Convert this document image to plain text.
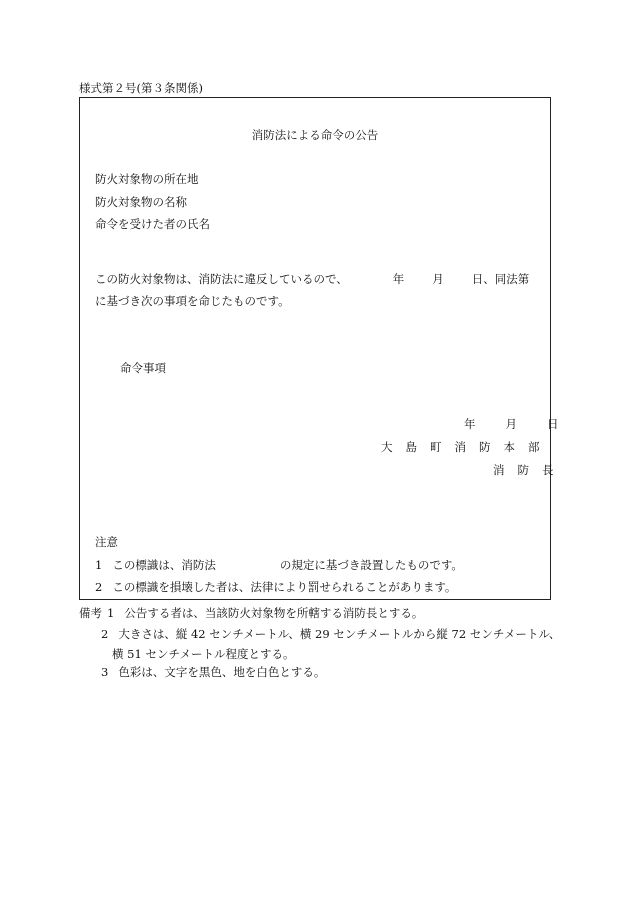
様式第２号(第３条関係)
消防法による命令の公告
防火対象物の所在地
防火対象物の名称
命令を受けた者の氏名
この防火対象物は、消防法に違反しているので、	年 月 日、同法第
に基づき次の事項を命じたものです。
命令事項
年	月	日
大 島 町 消 防 本 部
消 防 長
注意
1 この標識は、消防法	の規定に基づき設置したものです。
2 この標識を損壊した者は、法律により罰せられることがあります。
備考 1 公告する者は、当該防火対象物を所轄する消防長とする。
2 大きさは、縦 42 センチメートル、横 29 センチメートルから縦 72 センチメートル、
横 51 センチメートル程度とする。
3 色彩は、文字を黒色、地を白色とする。
